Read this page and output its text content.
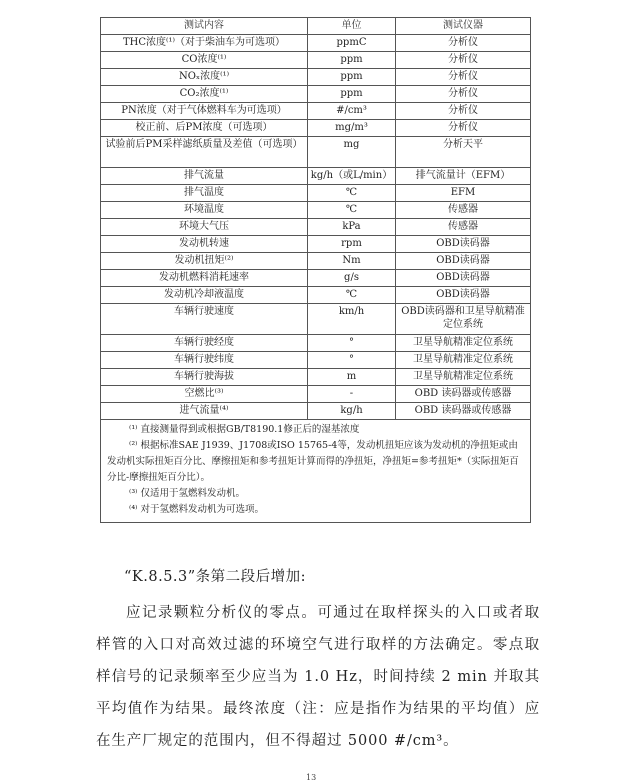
测试内容	单位	测试仪器
THC浓度⁽¹⁾（对于柴油车为可选项）	ppmC	分析仪
CO浓度⁽¹⁾	ppm	分析仪
NOₓ浓度⁽¹⁾	ppm	分析仪
CO₂浓度⁽¹⁾	ppm	分析仪
PN浓度（对于气体燃料车为可选项）	#/cm³	分析仪
校正前、后PM浓度（可选项）	mg/m³	分析仪
试验前后PM采样滤纸质量及差值（可选项）	mg	分析天平
排气流量	kg/h（或L/min）	排气流量计（EFM）
排气温度	℃	EFM
环境温度	℃	传感器
环境大气压	kPa	传感器
发动机转速	rpm	OBD读码器
发动机扭矩⁽²⁾	Nm	OBD读码器
发动机燃料消耗速率	g/s	OBD读码器
发动机冷却液温度	℃	OBD读码器
车辆行驶速度	km/h	OBD读码器和卫星导航精准定位系统
车辆行驶经度	°	卫星导航精准定位系统
车辆行驶纬度	°	卫星导航精准定位系统
车辆行驶海拔	m	卫星导航精准定位系统
空燃比⁽³⁾	-	OBD 读码器或传感器
进气流量⁽⁴⁾	kg/h	OBD 读码器或传感器

⁽¹⁾ 直接测量得到或根据GB/T8190.1修正后的湿基浓度
⁽²⁾ 根据标准SAE J1939、J1708或ISO 15765-4等，发动机扭矩应该为发动机的净扭矩或由发动机实际扭矩百分比、摩擦扭矩和参考扭矩计算而得的净扭矩，净扭矩=参考扭矩*（实际扭矩百分比-摩擦扭矩百分比）。
⁽³⁾ 仅适用于氢燃料发动机。
⁽⁴⁾ 对于氢燃料发动机为可选项。		
“K.8.5.3”条第二段后增加:
应记录颗粒分析仪的零点。可通过在取样探头的入口或者取样管的入口对高效过滤的环境空气进行取样的方法确定。零点取样信号的记录频率至少应当为 1.0 Hz，时间持续 2 min 并取其平均值作为结果。最终浓度（注：应是指作为结果的平均值）应在生产厂规定的范围内，但不得超过 5000 #/cm³。
13
